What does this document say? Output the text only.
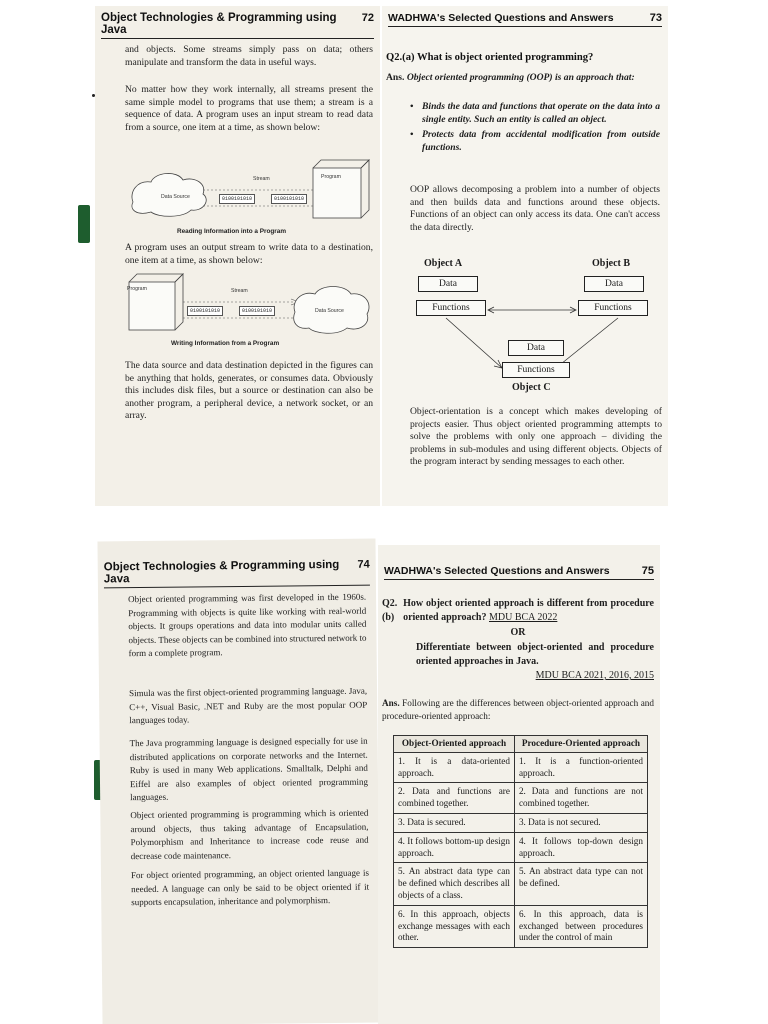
Object Technologies & Programming using Java
72

and objects. Some streams simply pass on data; others manipulate and transform the data in useful ways.

No matter how they work internally, all streams present the same simple model to programs that use them; a stream is a sequence of data. A program uses an input stream to read data from a source, one item at a time, as shown below:

Data Source
Stream	Program
0100101010	0100101010
Reading Information into a Program

A program uses an output stream to write data to a destination, one item at a time, as shown below:

Program	Stream
Data Source
0100101010	0100101010
Writing Information from a Program

The data source and data destination depicted in the figures can be anything that holds, generates, or consumes data. Obviously this includes disk files, but a source or destination can also be another program, a peripheral device, a network socket, or an array.

WADHWA's Selected Questions and Answers	73

Q2.(a) What is object oriented programming?

Ans. Object oriented programming (OOP) is an approach that:
• Binds the data and functions that operate on the data into a single entity. Such an entity is called an object.
• Protects data from accidental modification from outside functions.

OOP allows decomposing a problem into a number of objects and then builds data and functions around these objects. Functions of an object can only access its data. One can't access the data directly.

Object A	Object B
Data
Functions
Data
Functions
Data
Functions
Object C

Object-orientation is a concept which makes developing of projects easier. Thus object oriented programming attempts to solve the problems with only one approach – dividing the problems in sub-modules and using different objects. Objects of the program interact by sending messages to each other.

Object Technologies & Programming using Java
74

Object oriented programming was first developed in the 1960s. Programming with objects is quite like working with real-world objects. It groups operations and data into modular units called objects. These objects can be combined into structured network to form a complete program.

Simula was the first object-oriented programming language. Java, C++, Visual Basic, .NET and Ruby are the most popular OOP languages today.

The Java programming language is designed especially for use in distributed applications on corporate networks and the Internet. Ruby is used in many Web applications. Smalltalk, Delphi and Eiffel are also examples of object oriented programming languages.

Object oriented programming is programming which is oriented around objects, thus taking advantage of Encapsulation, Polymorphism and Inheritance to increase code reuse and decrease code maintenance.

For object oriented programming, an object oriented language is needed. A language can only be said to be object oriented if it supports encapsulation, inheritance and polymorphism.

WADHWA's Selected Questions and Answers	75
Q2.(b)
How object oriented approach is different from procedure oriented approach? MDU BCA 2022
OR
Differentiate between object-oriented and procedure oriented approaches in Java.
MDU BCA 2021, 2016, 2015
Ans. Following are the differences between object-oriented approach and procedure-oriented approach:
Object-Oriented approach	Procedure-Oriented approach
1. It is a data-oriented approach.	1. It is a function-oriented approach.
2. Data and functions are combined together.	2. Data and functions are not combined together.
3. Data is secured.	3. Data is not secured.
4. It follows bottom-up design approach.	4. It follows top-down design approach.
5. An abstract data type can be defined which describes all objects of a class.	5. An abstract data type can not be defined.
6. In this approach, objects exchange messages with each other.	6. In this approach, data is exchanged between procedures under the control of main
